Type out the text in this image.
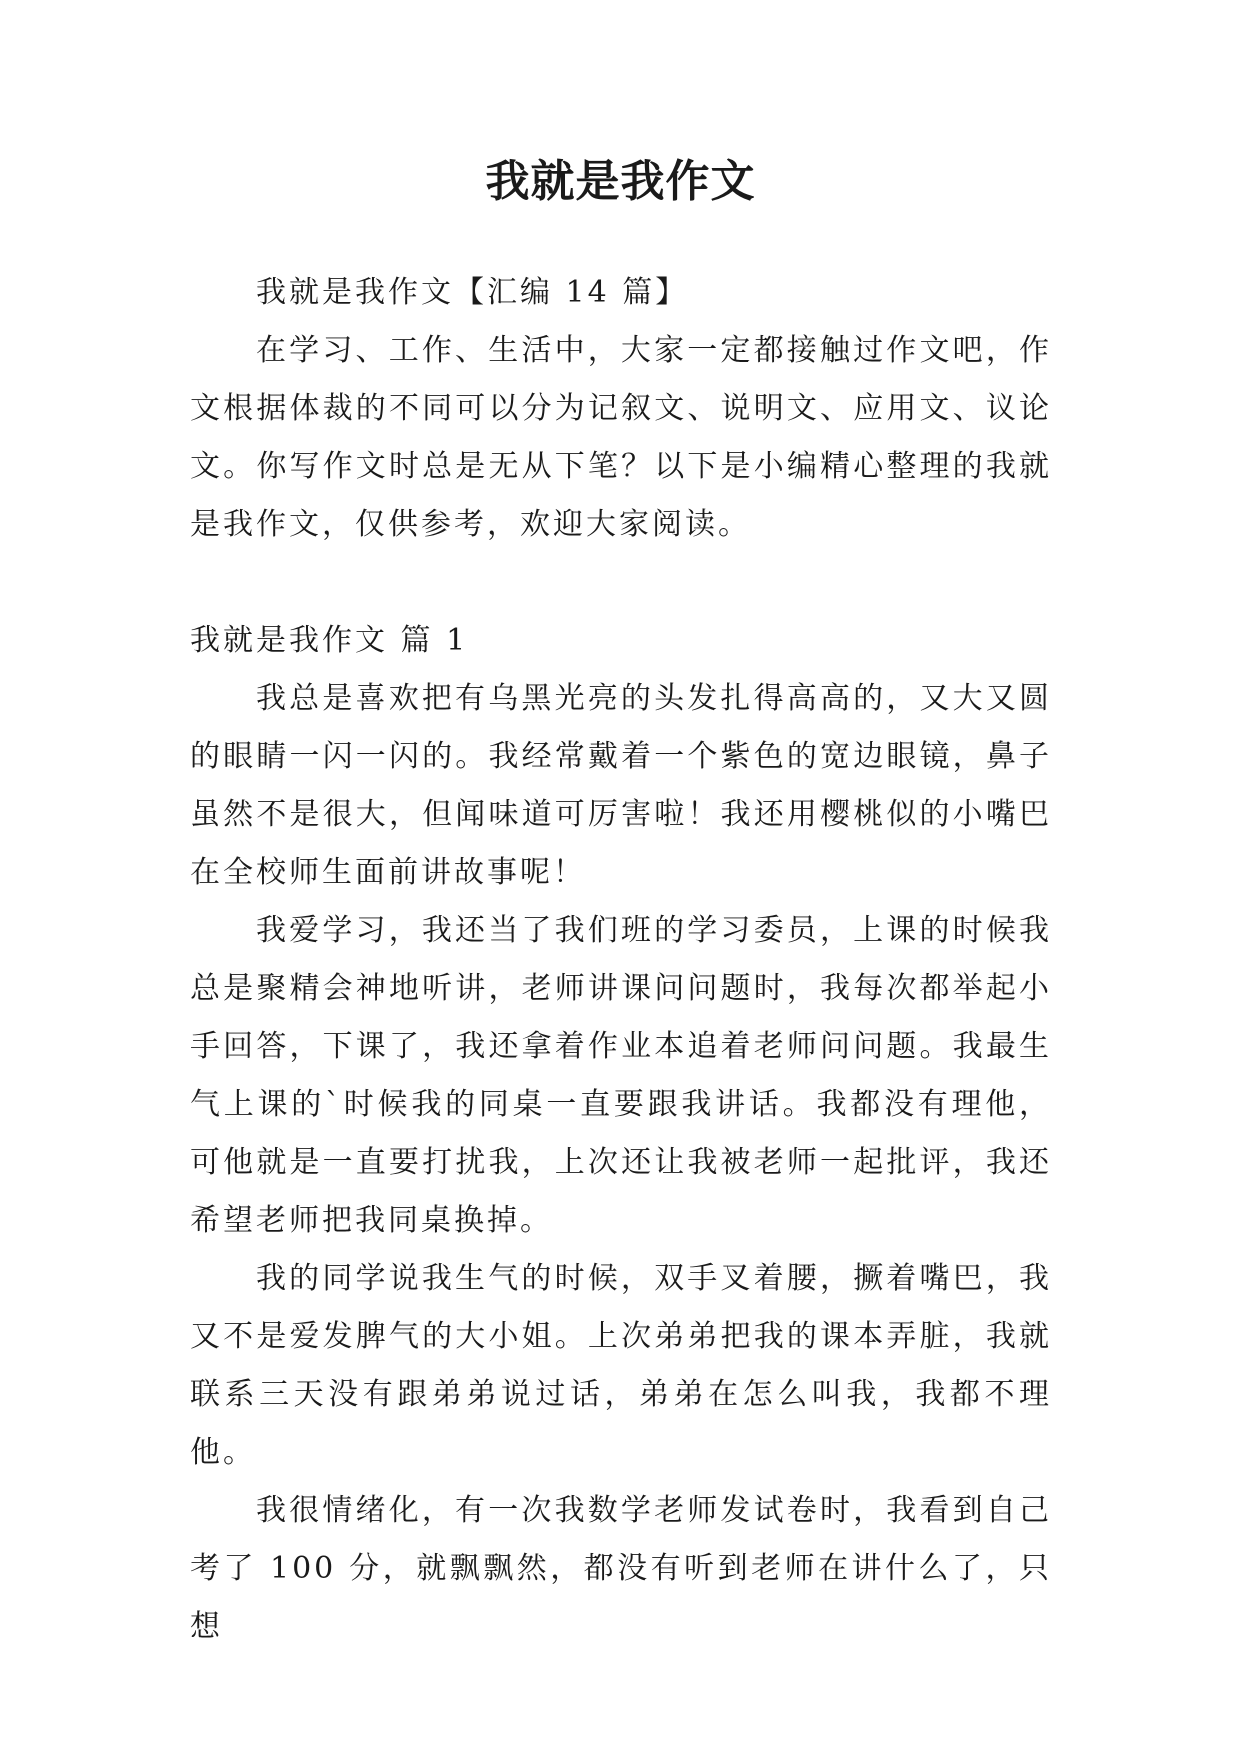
我就是我作文

我就是我作文【汇编 14 篇】

在学习、工作、生活中，大家一定都接触过作文吧，作文根据体裁的不同可以分为记叙文、说明文、应用文、议论文。你写作文时总是无从下笔？以下是小编精心整理的我就是我作文，仅供参考，欢迎大家阅读。

我就是我作文 篇 1

我总是喜欢把有乌黑光亮的头发扎得高高的，又大又圆的眼睛一闪一闪的。我经常戴着一个紫色的宽边眼镜，鼻子虽然不是很大，但闻味道可厉害啦！我还用樱桃似的小嘴巴在全校师生面前讲故事呢！

我爱学习，我还当了我们班的学习委员，上课的时候我总是聚精会神地听讲，老师讲课问问题时，我每次都举起小手回答，下课了，我还拿着作业本追着老师问问题。我最生气上课的`时候我的同桌一直要跟我讲话。我都没有理他，可他就是一直要打扰我，上次还让我被老师一起批评，我还希望老师把我同桌换掉。

我的同学说我生气的时候，双手叉着腰，撅着嘴巴，我又不是爱发脾气的大小姐。上次弟弟把我的课本弄脏，我就联系三天没有跟弟弟说过话，弟弟在怎么叫我，我都不理他。

我很情绪化，有一次我数学老师发试卷时，我看到自己考了 100 分，就飘飘然，都没有听到老师在讲什么了，只想
